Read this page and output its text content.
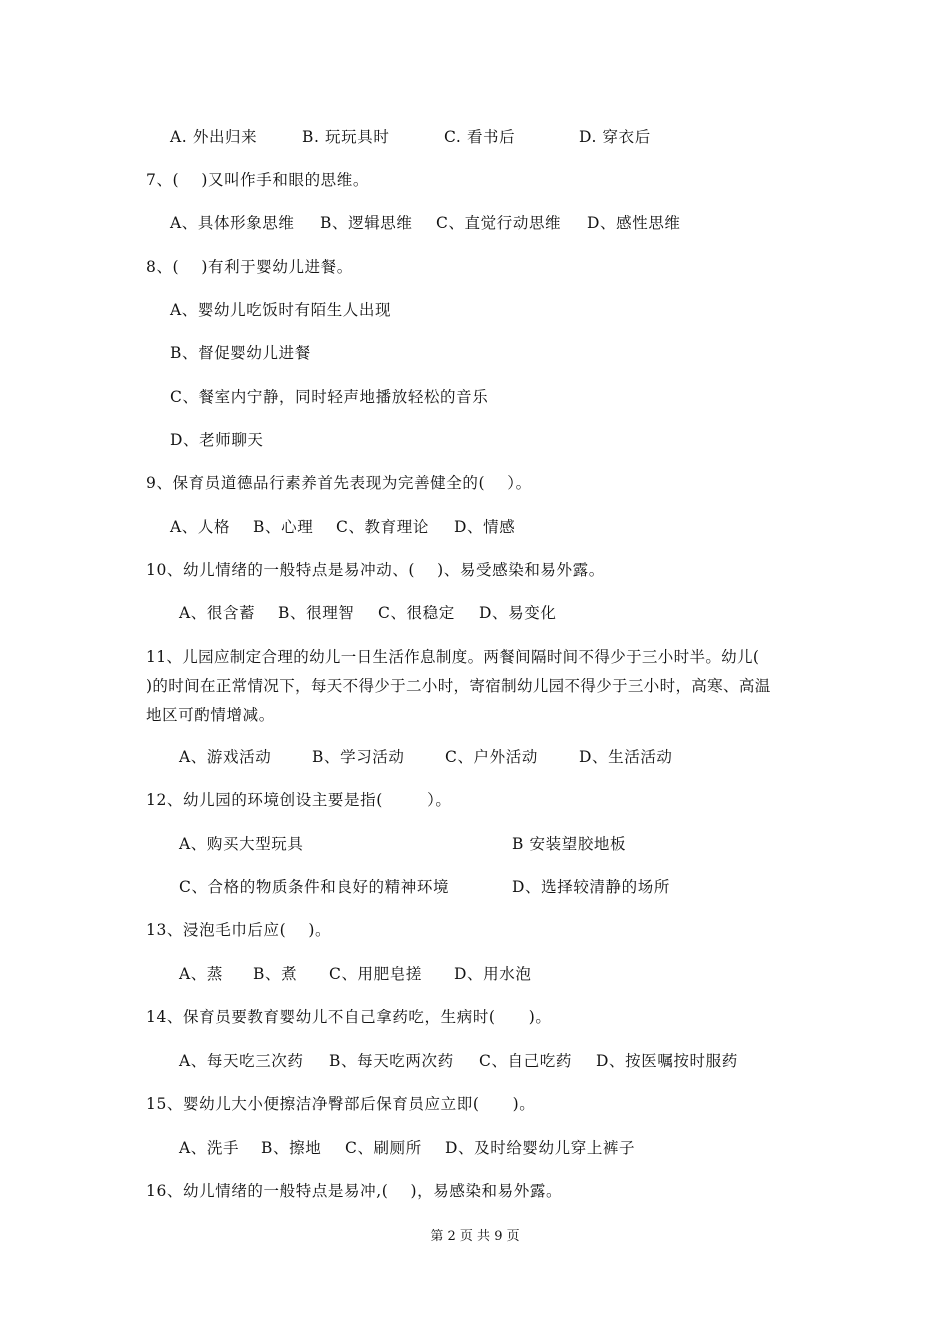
A. 外出归来	B. 玩玩具时	C. 看书后	D. 穿衣后
7、(    )又叫作手和眼的思维。
A、具体形象思维 B、逻辑思维 C、直觉行动思维 D、感性思维
8、(    )有利于婴幼儿进餐。
A、婴幼儿吃饭时有陌生人出现
B、督促婴幼儿进餐
C、餐室内宁静，同时轻声地播放轻松的音乐
D、老师聊天
9、保育员道德品行素养首先表现为完善健全的(    ）。
A、人格 B、心理 C、教育理论 D、情感
10、幼儿情绪的一般特点是易冲动、(    )、易受感染和易外露。
A、很含蓄 B、很理智 C、很稳定 D、易变化
11、儿园应制定合理的幼儿一日生活作息制度。两餐间隔时间不得少于三小时半。幼儿(
)的时间在正常情况下，每天不得少于二小时，寄宿制幼儿园不得少于三小时，高寒、高温
地区可酌情增减。
A、游戏活动	B、学习活动	C、户外活动	D、生活活动
12、幼儿园的环境创设主要是指(        ）。
A、购买大型玩具	B 安装望胶地板
C、合格的物质条件和良好的精神环境	D、选择较清静的场所
13、浸泡毛巾后应(    )。
A、蒸 B、煮 C、用肥皂搓 D、用水泡
14、保育员要教育婴幼儿不自己拿药吃，生病时(      )。
A、每天吃三次药 B、每天吃两次药 C、自己吃药 D、按医嘱按时服药
15、婴幼儿大小便擦洁净臀部后保育员应立即(      )。
A、洗手 B、擦地 C、刷厕所 D、及时给婴幼儿穿上裤子
16、幼儿情绪的一般特点是易冲,(    )，易感染和易外露。
第 2 页 共 9 页
